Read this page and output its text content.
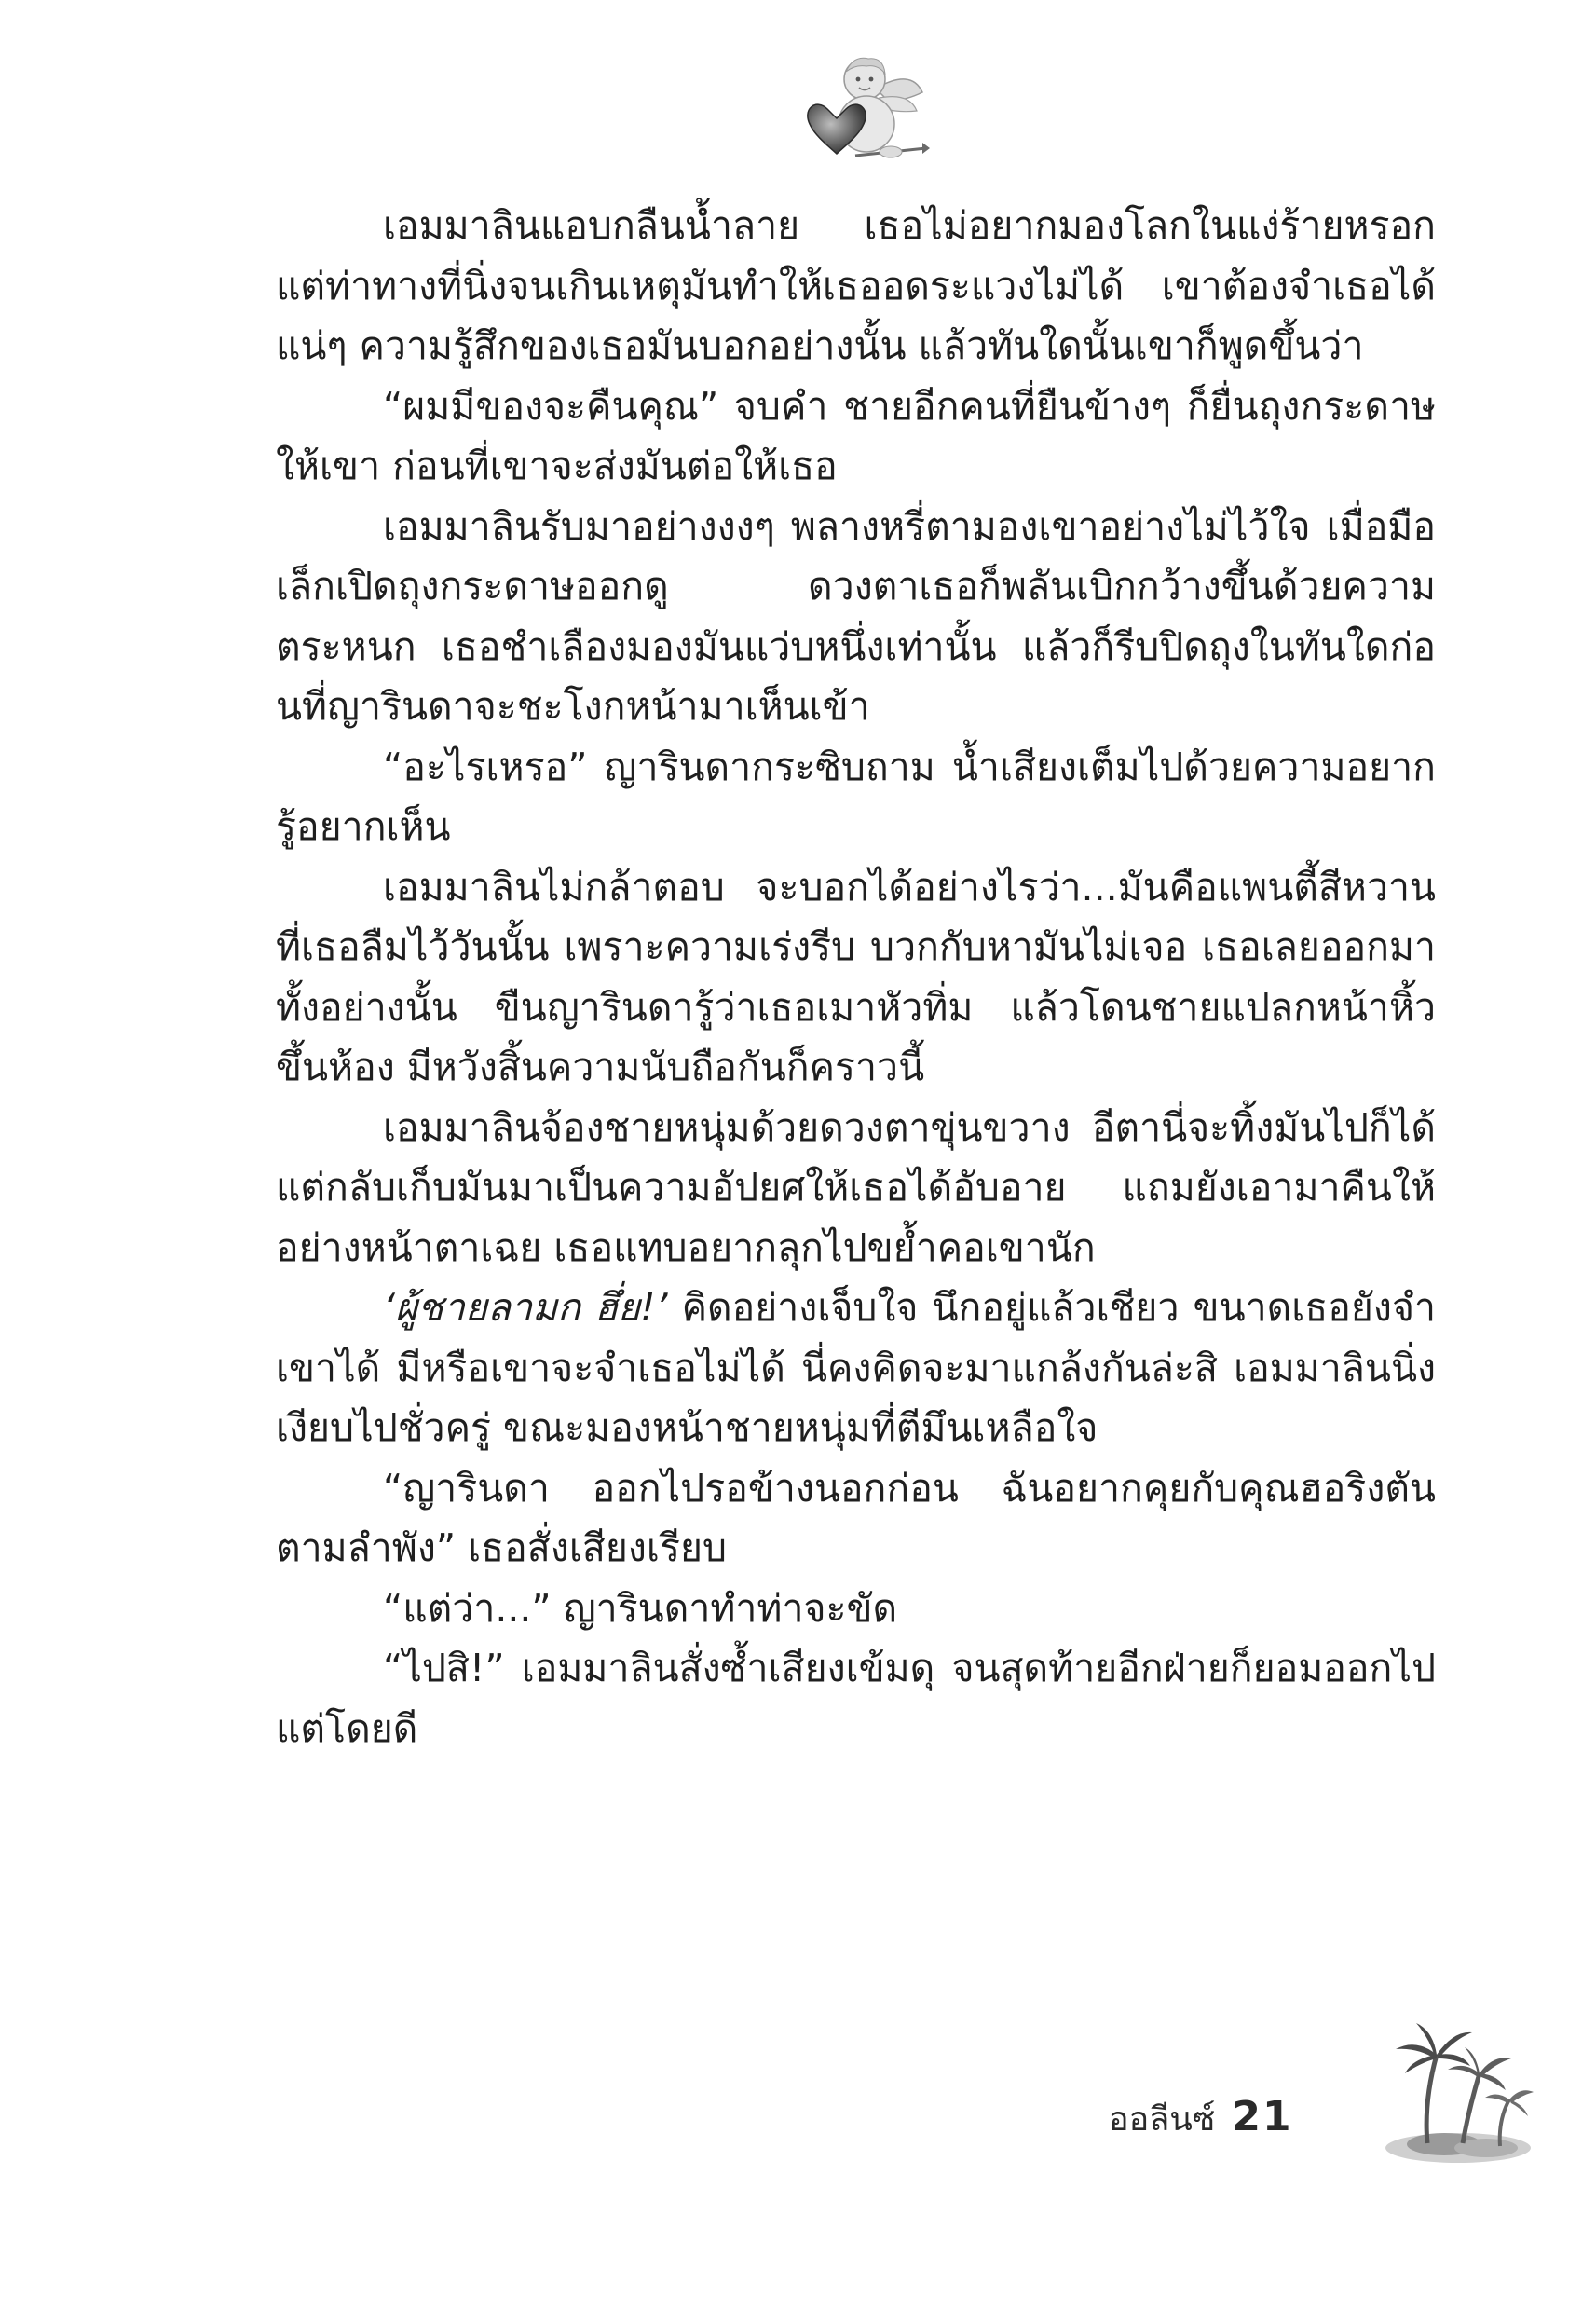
เอมมาลินแอบกลืนน้ำลาย เธอไม่อยากมองโลกในแง่ร้ายหรอก แต่ท่าทางที่นิ่งจนเกินเหตุมันทำให้เธออดระแวงไม่ได้ เขาต้องจำเธอได้แน่ๆ ความรู้สึกของเธอมันบอกอย่างนั้น แล้วทันใดนั้นเขาก็พูดขึ้นว่า

“ผมมีของจะคืนคุณ” จบคำ ชายอีกคนที่ยืนข้างๆ ก็ยื่นถุงกระดาษให้เขา ก่อนที่เขาจะส่งมันต่อให้เธอ

เอมมาลินรับมาอย่างงงๆ พลางหรี่ตามองเขาอย่างไม่ไว้ใจ เมื่อมือเล็กเปิดถุงกระดาษออกดู ดวงตาเธอก็พลันเบิกกว้างขึ้นด้วยความตระหนก เธอชำเลืองมองมันแว่บหนึ่งเท่านั้น แล้วก็รีบปิดถุงในทันใดก่อนที่ญารินดาจะชะโงกหน้ามาเห็นเข้า

“อะไรเหรอ” ญารินดากระซิบถาม น้ำเสียงเต็มไปด้วยความอยากรู้อยากเห็น

เอมมาลินไม่กล้าตอบ จะบอกได้อย่างไรว่า...มันคือแพนตี้สีหวานที่เธอลืมไว้วันนั้น เพราะความเร่งรีบ บวกกับหามันไม่เจอ เธอเลยออกมาทั้งอย่างนั้น ขืนญารินดารู้ว่าเธอเมาหัวทิ่ม แล้วโดนชายแปลกหน้าหิ้วขึ้นห้อง มีหวังสิ้นความนับถือกันก็คราวนี้

เอมมาลินจ้องชายหนุ่มด้วยดวงตาขุ่นขวาง อีตานี่จะทิ้งมันไปก็ได้ แต่กลับเก็บมันมาเป็นความอัปยศให้เธอได้อับอาย แถมยังเอามาคืนให้อย่างหน้าตาเฉย เธอแทบอยากลุกไปขย้ำคอเขานัก

‘ผู้ชายลามก ฮึ่ย!’ คิดอย่างเจ็บใจ นึกอยู่แล้วเชียว ขนาดเธอยังจำเขาได้ มีหรือเขาจะจำเธอไม่ได้ นี่คงคิดจะมาแกล้งกันล่ะสิ เอมมาลินนิ่งเงียบไปชั่วครู่ ขณะมองหน้าชายหนุ่มที่ตีมึนเหลือใจ

“ญารินดา ออกไปรอข้างนอกก่อน ฉันอยากคุยกับคุณฮอริงตันตามลำพัง” เธอสั่งเสียงเรียบ

“แต่ว่า...” ญารินดาทำท่าจะขัด

“ไปสิ!” เอมมาลินสั่งซ้ำเสียงเข้มดุ จนสุดท้ายอีกฝ่ายก็ยอมออกไปแต่โดยดี

ออลีนซ์ 21
